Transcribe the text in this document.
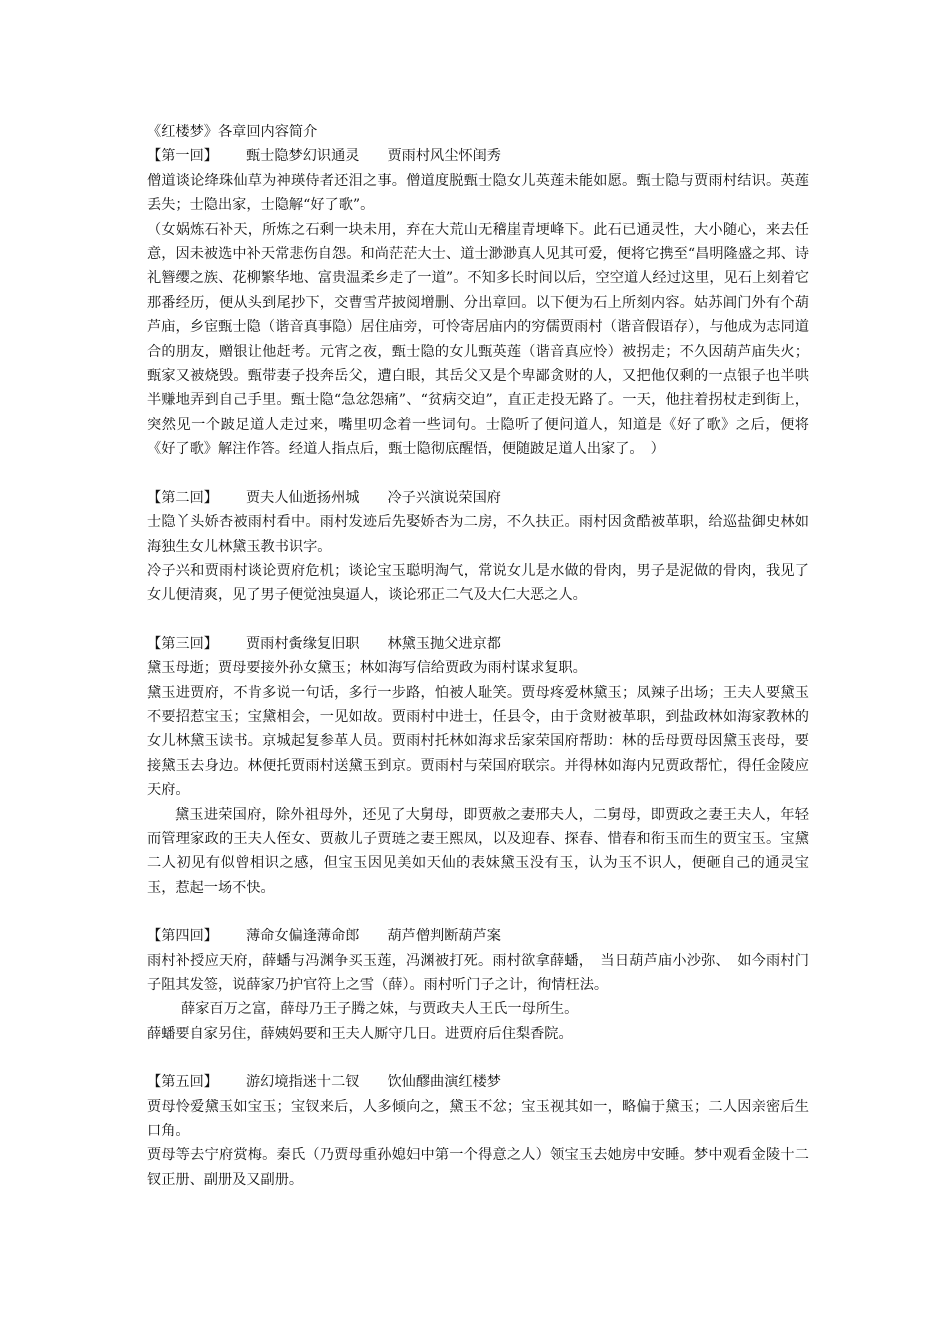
《红楼梦》各章回内容简介
【第一回】 甄士隐梦幻识通灵 贾雨村风尘怀闺秀

僧道谈论绛珠仙草为神瑛侍者还泪之事。僧道度脱甄士隐女儿英莲未能如愿。甄士隐与贾雨村结识。英莲丢失；士隐出家，士隐解“好了歌”。

（女娲炼石补天，所炼之石剩一块未用，弃在大荒山无稽崖青埂峰下。此石已通灵性，大小随心，来去任意，因未被选中补天常悲伤自怨。和尚茫茫大士、道士渺渺真人见其可爱，便将它携至“昌明隆盛之邦、诗礼簪缨之族、花柳繁华地、富贵温柔乡走了一道”。不知多长时间以后，空空道人经过这里，见石上刻着它那番经历，便从头到尾抄下，交曹雪芹披阅增删、分出章回。以下便为石上所刻内容。姑苏阊门外有个葫芦庙，乡宦甄士隐（谐音真事隐）居住庙旁，可怜寄居庙内的穷儒贾雨村（谐音假语存），与他成为志同道合的朋友，赠银让他赶考。元宵之夜，甄士隐的女儿甄英莲（谐音真应怜）被拐走；不久因葫芦庙失火；甄家又被烧毁。甄带妻子投奔岳父，遭白眼，其岳父又是个卑鄙贪财的人，又把他仅剩的一点银子也半哄半赚地弄到自己手里。甄士隐“急忿怨痛”、“贫病交迫”，直正走投无路了。一天，他拄着拐杖走到街上，突然见一个跛足道人走过来，嘴里叨念着一些词句。士隐听了便问道人，知道是《好了歌》之后，便将《好了歌》解注作答。经道人指点后，甄士隐彻底醒悟，便随跛足道人出家了。　）

【第二回】 贾夫人仙逝扬州城 冷子兴演说荣国府

士隐丫头娇杏被雨村看中。雨村发迹后先娶娇杏为二房，不久扶正。雨村因贪酷被革职，给巡盐御史林如海独生女儿林黛玉教书识字。

冷子兴和贾雨村谈论贾府危机；谈论宝玉聪明淘气，常说女儿是水做的骨肉，男子是泥做的骨肉，我见了女儿便清爽，见了男子便觉浊臭逼人，谈论邪正二气及大仁大恶之人。

【第三回】 贾雨村夤缘复旧职 林黛玉抛父进京都

黛玉母逝；贾母要接外孙女黛玉；林如海写信给贾政为雨村谋求复职。

黛玉进贾府，不肯多说一句话，多行一步路，怕被人耻笑。贾母疼爱林黛玉；凤辣子出场；王夫人要黛玉不要招惹宝玉；宝黛相会，一见如故。贾雨村中进士，任县令，由于贪财被革职，到盐政林如海家教林的女儿林黛玉读书。京城起复参革人员。贾雨村托林如海求岳家荣国府帮助：林的岳母贾母因黛玉丧母，要接黛玉去身边。林便托贾雨村送黛玉到京。贾雨村与荣国府联宗。并得林如海内兄贾政帮忙，得任金陵应天府。

黛玉进荣国府，除外祖母外，还见了大舅母，即贾赦之妻邢夫人，二舅母，即贾政之妻王夫人，年轻而管理家政的王夫人侄女、贾赦儿子贾琏之妻王熙凤，以及迎春、探春、惜春和衔玉而生的贾宝玉。宝黛二人初见有似曾相识之感，但宝玉因见美如天仙的表妹黛玉没有玉，认为玉不识人，便砸自己的通灵宝玉，惹起一场不快。

【第四回】 薄命女偏逢薄命郎 葫芦僧判断葫芦案

雨村补授应天府，薛蟠与冯渊争买玉莲，冯渊被打死。雨村欲拿薛蟠，　当日葫芦庙小沙弥、　如今雨村门子阻其发签，说薛家乃护官符上之雪（薛）。雨村听门子之计，徇情枉法。

薛家百万之富，薛母乃王子腾之妹，与贾政夫人王氏一母所生。

薛蟠要自家另住，薛姨妈要和王夫人厮守几日。进贾府后住梨香院。

【第五回】 游幻境指迷十二钗 饮仙醪曲演红楼梦

贾母怜爱黛玉如宝玉；宝钗来后，人多倾向之，黛玉不忿；宝玉视其如一，略偏于黛玉；二人因亲密后生口角。

贾母等去宁府赏梅。秦氏（乃贾母重孙媳妇中第一个得意之人）领宝玉去她房中安睡。梦中观看金陵十二钗正册、副册及又副册。
